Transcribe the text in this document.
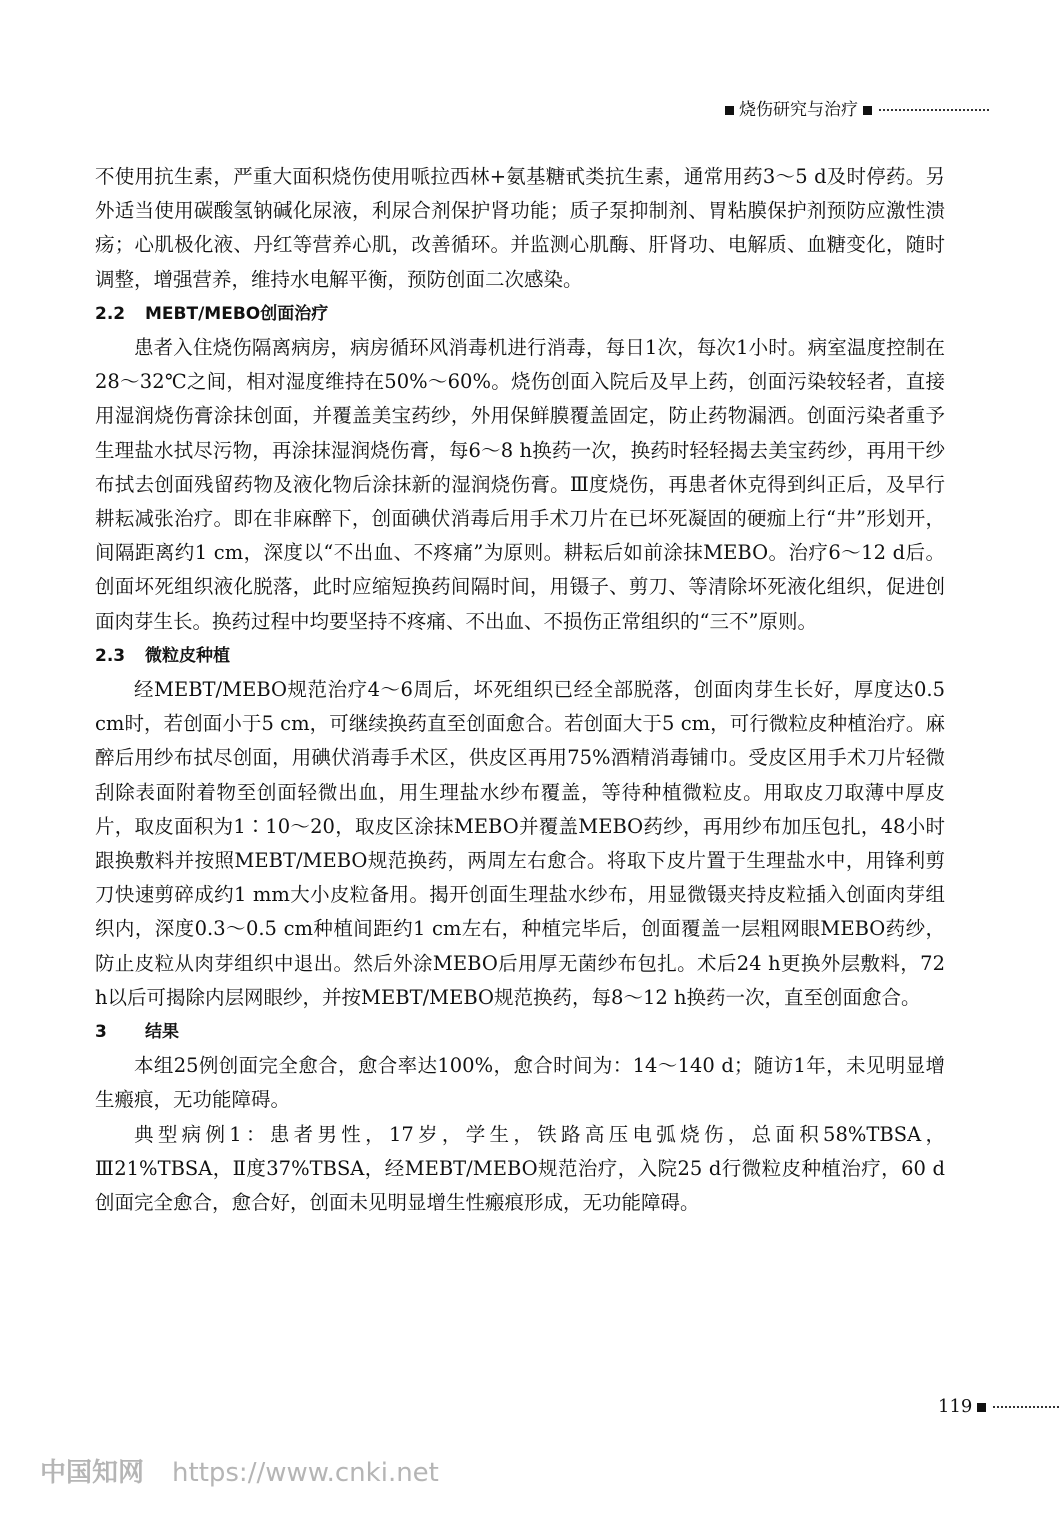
烧伤研究与治疗

不使用抗生素，严重大面积烧伤使用哌拉西林+氨基糖甙类抗生素，通常用药3～5 d及时停药。另外适当使用碳酸氢钠碱化尿液，利尿合剂保护肾功能；质子泵抑制剂、胃粘膜保护剂预防应激性溃疡；心肌极化液、丹红等营养心肌，改善循环。并监测心肌酶、肝肾功、电解质、血糖变化，随时调整，增强营养，维持水电解平衡，预防创面二次感染。

2.2 MEBT/MEBO创面治疗

患者入住烧伤隔离病房，病房循环风消毒机进行消毒，每日1次，每次1小时。病室温度控制在28～32℃之间，相对湿度维持在50%～60%。烧伤创面入院后及早上药，创面污染较轻者，直接用湿润烧伤膏涂抹创面，并覆盖美宝药纱，外用保鲜膜覆盖固定，防止药物漏洒。创面污染者重予生理盐水拭尽污物，再涂抹湿润烧伤膏，每6～8 h换药一次，换药时轻轻揭去美宝药纱，再用干纱布拭去创面残留药物及液化物后涂抹新的湿润烧伤膏。Ⅲ度烧伤，再患者休克得到纠正后，及早行耕耘减张治疗。即在非麻醉下，创面碘伏消毒后用手术刀片在已坏死凝固的硬痂上行“井”形划开，间隔距离约1 cm，深度以“不出血、不疼痛”为原则。耕耘后如前涂抹MEBO。治疗6～12 d后。创面坏死组织液化脱落，此时应缩短换药间隔时间，用镊子、剪刀、等清除坏死液化组织，促进创面肉芽生长。换药过程中均要坚持不疼痛、不出血、不损伤正常组织的“三不”原则。

2.3 微粒皮种植

经MEBT/MEBO规范治疗4～6周后，坏死组织已经全部脱落，创面肉芽生长好，厚度达0.5 cm时，若创面小于5 cm，可继续换药直至创面愈合。若创面大于5 cm，可行微粒皮种植治疗。麻醉后用纱布拭尽创面，用碘伏消毒手术区，供皮区再用75%酒精消毒铺巾。受皮区用手术刀片轻微刮除表面附着物至创面轻微出血，用生理盐水纱布覆盖，等待种植微粒皮。用取皮刀取薄中厚皮片，取皮面积为1∶10～20，取皮区涂抹MEBO并覆盖MEBO药纱，再用纱布加压包扎，48小时跟换敷料并按照MEBT/MEBO规范换药，两周左右愈合。将取下皮片置于生理盐水中，用锋利剪刀快速剪碎成约1 mm大小皮粒备用。揭开创面生理盐水纱布，用显微镊夹持皮粒插入创面肉芽组织内，深度0.3～0.5 cm种植间距约1 cm左右，种植完毕后，创面覆盖一层粗网眼MEBO药纱，防止皮粒从肉芽组织中退出。然后外涂MEBO后用厚无菌纱布包扎。术后24 h更换外层敷料，72 h以后可揭除内层网眼纱，并按MEBT/MEBO规范换药，每8～12 h换药一次，直至创面愈合。

3 结果

本组25例创面完全愈合，愈合率达100%，愈合时间为：14～140 d；随访1年，未见明显增生瘢痕，无功能障碍。

典型病例1：患者男性，17岁，学生，铁路高压电弧烧伤，总面积58%TBSA，Ⅲ21%TBSA，Ⅱ度37%TBSA，经MEBT/MEBO规范治疗，入院25 d行微粒皮种植治疗，60 d创面完全愈合，愈合好，创面未见明显增生性瘢痕形成，无功能障碍。

119
中国知网 https://www.cnki.net
